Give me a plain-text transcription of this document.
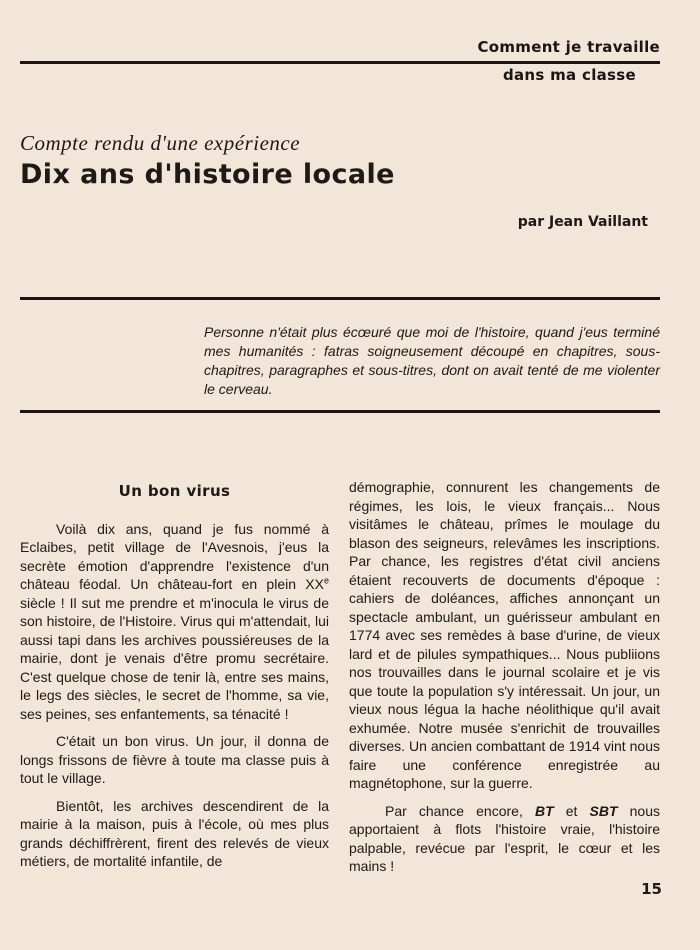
Comment je travaille
dans ma classe
Compte rendu d'une expérience
Dix ans d'histoire locale
par Jean Vaillant
Personne n'était plus écœuré que moi de l'histoire, quand j'eus terminé mes humanités : fatras soigneusement découpé en chapitres, sous-chapitres, paragraphes et sous-titres, dont on avait tenté de me violenter le cerveau.
Un bon virus

Voilà dix ans, quand je fus nommé à Eclaibes, petit village de l'Avesnois, j'eus la secrète émotion d'apprendre l'existence d'un château féodal. Un château-fort en plein XXe siècle ! Il sut me prendre et m'inocula le virus de son histoire, de l'Histoire. Virus qui m'attendait, lui aussi tapi dans les archives poussiéreuses de la mairie, dont je venais d'être promu secrétaire. C'est quelque chose de tenir là, entre ses mains, le legs des siècles, le secret de l'homme, sa vie, ses peines, ses enfantements, sa ténacité !

C'était un bon virus. Un jour, il donna de longs frissons de fièvre à toute ma classe puis à tout le village.

Bientôt, les archives descendirent de la mairie à la maison, puis à l'école, où mes plus grands déchiffrèrent, firent des relevés de vieux métiers, de mortalité infantile, de

démographie, connurent les changements de régimes, les lois, le vieux français... Nous visitâmes le château, prîmes le moulage du blason des seigneurs, relevâmes les inscriptions. Par chance, les registres d'état civil anciens étaient recouverts de documents d'époque : cahiers de doléances, affiches annonçant un spectacle ambulant, un guérisseur ambulant en 1774 avec ses remèdes à base d'urine, de vieux lard et de pilules sympathiques... Nous publiions nos trouvailles dans le journal scolaire et je vis que toute la population s'y intéressait. Un jour, un vieux nous légua la hache néolithique qu'il avait exhumée. Notre musée s'enrichit de trouvailles diverses. Un ancien combattant de 1914 vint nous faire une conférence enregistrée au magnétophone, sur la guerre.

Par chance encore, BT et SBT nous apportaient à flots l'histoire vraie, l'histoire palpable, revécue par l'esprit, le cœur et les mains !

15
